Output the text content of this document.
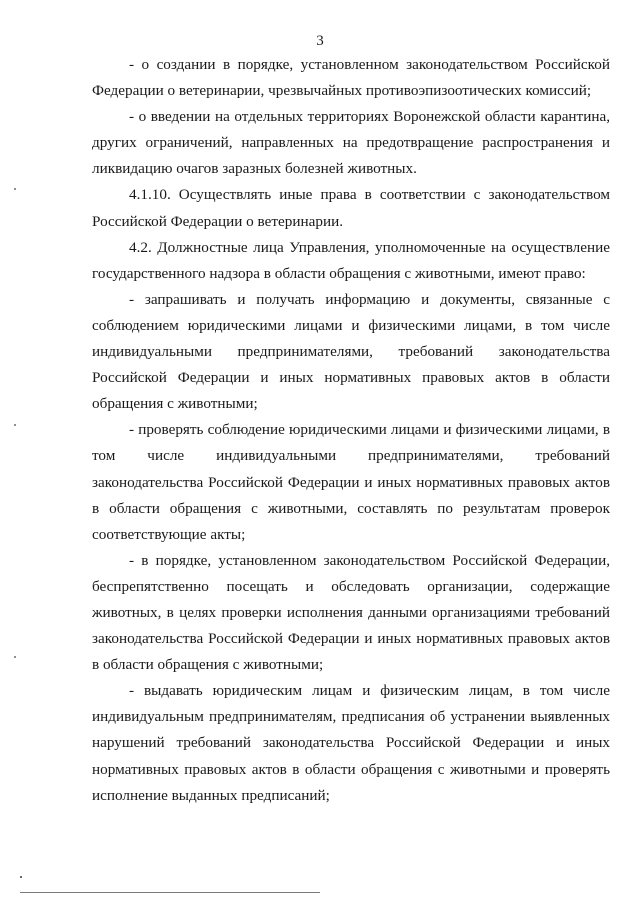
3

- о создании в порядке, установленном законодательством Российской Федерации о ветеринарии, чрезвычайных противоэпизоотических комиссий;

- о введении на отдельных территориях Воронежской области карантина, других ограничений, направленных на предотвращение распространения и ликвидацию очагов заразных болезней животных.

4.1.10. Осуществлять иные права в соответствии с законодательством Российской Федерации о ветеринарии.

4.2. Должностные лица Управления, уполномоченные на осуществление государственного надзора в области обращения с животными, имеют право:

- запрашивать и получать информацию и документы, связанные с соблюдением юридическими лицами и физическими лицами, в том числе индивидуальными предпринимателями, требований законодательства Российской Федерации и иных нормативных правовых актов в области обращения с животными;

- проверять соблюдение юридическими лицами и физическими лицами, в том числе индивидуальными предпринимателями, требований законодательства Российской Федерации и иных нормативных правовых актов в области обращения с животными, составлять по результатам проверок соответствующие акты;

- в порядке, установленном законодательством Российской Федерации, беспрепятственно посещать и обследовать организации, содержащие животных, в целях проверки исполнения данными организациями требований законодательства Российской Федерации и иных нормативных правовых актов в области обращения с животными;

- выдавать юридическим лицам и физическим лицам, в том числе индивидуальным предпринимателям, предписания об устранении выявленных нарушений требований законодательства Российской Федерации и иных нормативных правовых актов в области обращения с животными и проверять исполнение выданных предписаний;
